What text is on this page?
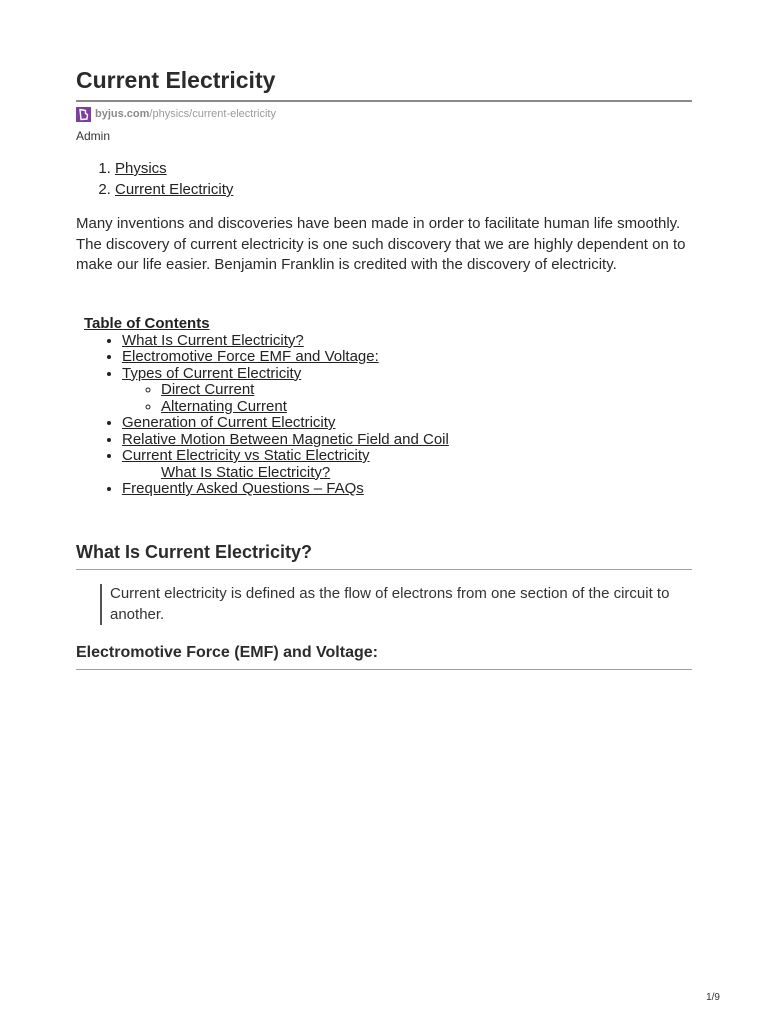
Current Electricity
byjus.com /physics/current-electricity
Admin
1. Physics
2. Current Electricity

Many inventions and discoveries have been made in order to facilitate human life smoothly. The discovery of current electricity is one such discovery that we are highly dependent on to make our life easier. Benjamin Franklin is credited with the discovery of electricity.

Table of Contents
• What Is Current Electricity?
• Electromotive Force EMF and Voltage:
• Types of Current Electricity
◦ Direct Current
◦ Alternating Current
• Generation of Current Electricity
• Relative Motion Between Magnetic Field and Coil
• Current Electricity vs Static Electricity
What Is Static Electricity?
• Frequently Asked Questions – FAQs
What Is Current Electricity?
Current electricity is defined as the flow of electrons from one section of the circuit to another.
Electromotive Force (EMF) and Voltage:
1/9
